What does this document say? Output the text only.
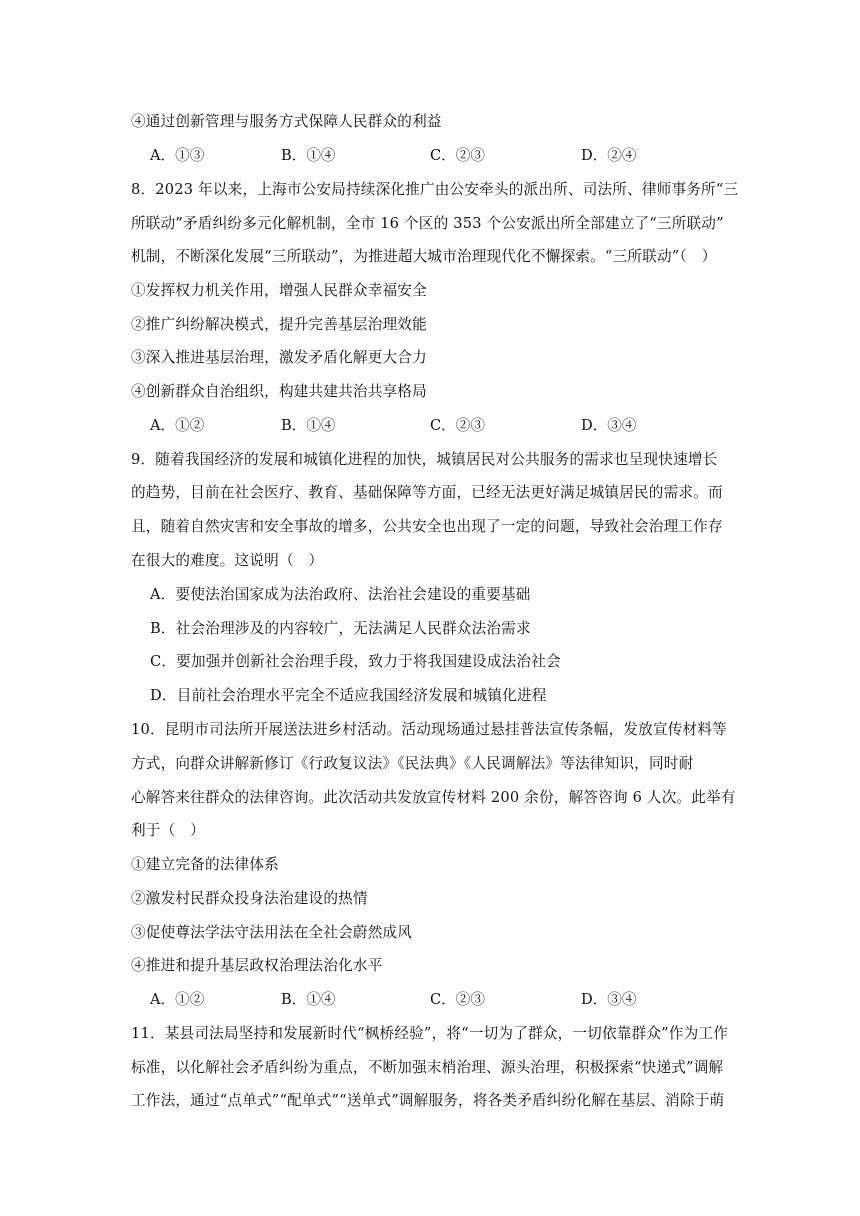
④通过创新管理与服务方式保障人民群众的利益
A．①③	B．①④	C．②③	D．②④
8．2023 年以来，上海市公安局持续深化推广由公安牵头的派出所、司法所、律师事务所“三
所联动”矛盾纠纷多元化解机制，全市 16 个区的 353 个公安派出所全部建立了“三所联动”
机制，不断深化发展“三所联动”，为推进超大城市治理现代化不懈探索。“三所联动”（　）
①发挥权力机关作用，增强人民群众幸福安全
②推广纠纷解决模式，提升完善基层治理效能
③深入推进基层治理，激发矛盾化解更大合力
④创新群众自治组织，构建共建共治共享格局
A．①②	B．①④	C．②③	D．③④
9．随着我国经济的发展和城镇化进程的加快，城镇居民对公共服务的需求也呈现快速增长
的趋势，目前在社会医疗、教育、基础保障等方面，已经无法更好满足城镇居民的需求。而
且，随着自然灾害和安全事故的增多，公共安全也出现了一定的问题，导致社会治理工作存
在很大的难度。这说明（　）
A．要使法治国家成为法治政府、法治社会建设的重要基础
B．社会治理涉及的内容较广，无法满足人民群众法治需求
C．要加强并创新社会治理手段，致力于将我国建设成法治社会
D．目前社会治理水平完全不适应我国经济发展和城镇化进程
10．昆明市司法所开展送法进乡村活动。活动现场通过悬挂普法宣传条幅，发放宣传材料等
方式，向群众讲解新修订《行政复议法》《民法典》《人民调解法》等法律知识，同时耐
心解答来往群众的法律咨询。此次活动共发放宣传材料 200 余份，解答咨询 6 人次。此举有
利于（　）
①建立完备的法律体系
②激发村民群众投身法治建设的热情
③促使尊法学法守法用法在全社会蔚然成风
④推进和提升基层政权治理法治化水平
A．①②	B．①④	C．②③	D．③④
11．某县司法局坚持和发展新时代“枫桥经验”，将“一切为了群众，一切依靠群众”作为工作
标准，以化解社会矛盾纠纷为重点，不断加强末梢治理、源头治理，积极探索“快递式”调解
工作法，通过“点单式”“配单式”“送单式”调解服务，将各类矛盾纠纷化解在基层、消除于萌
